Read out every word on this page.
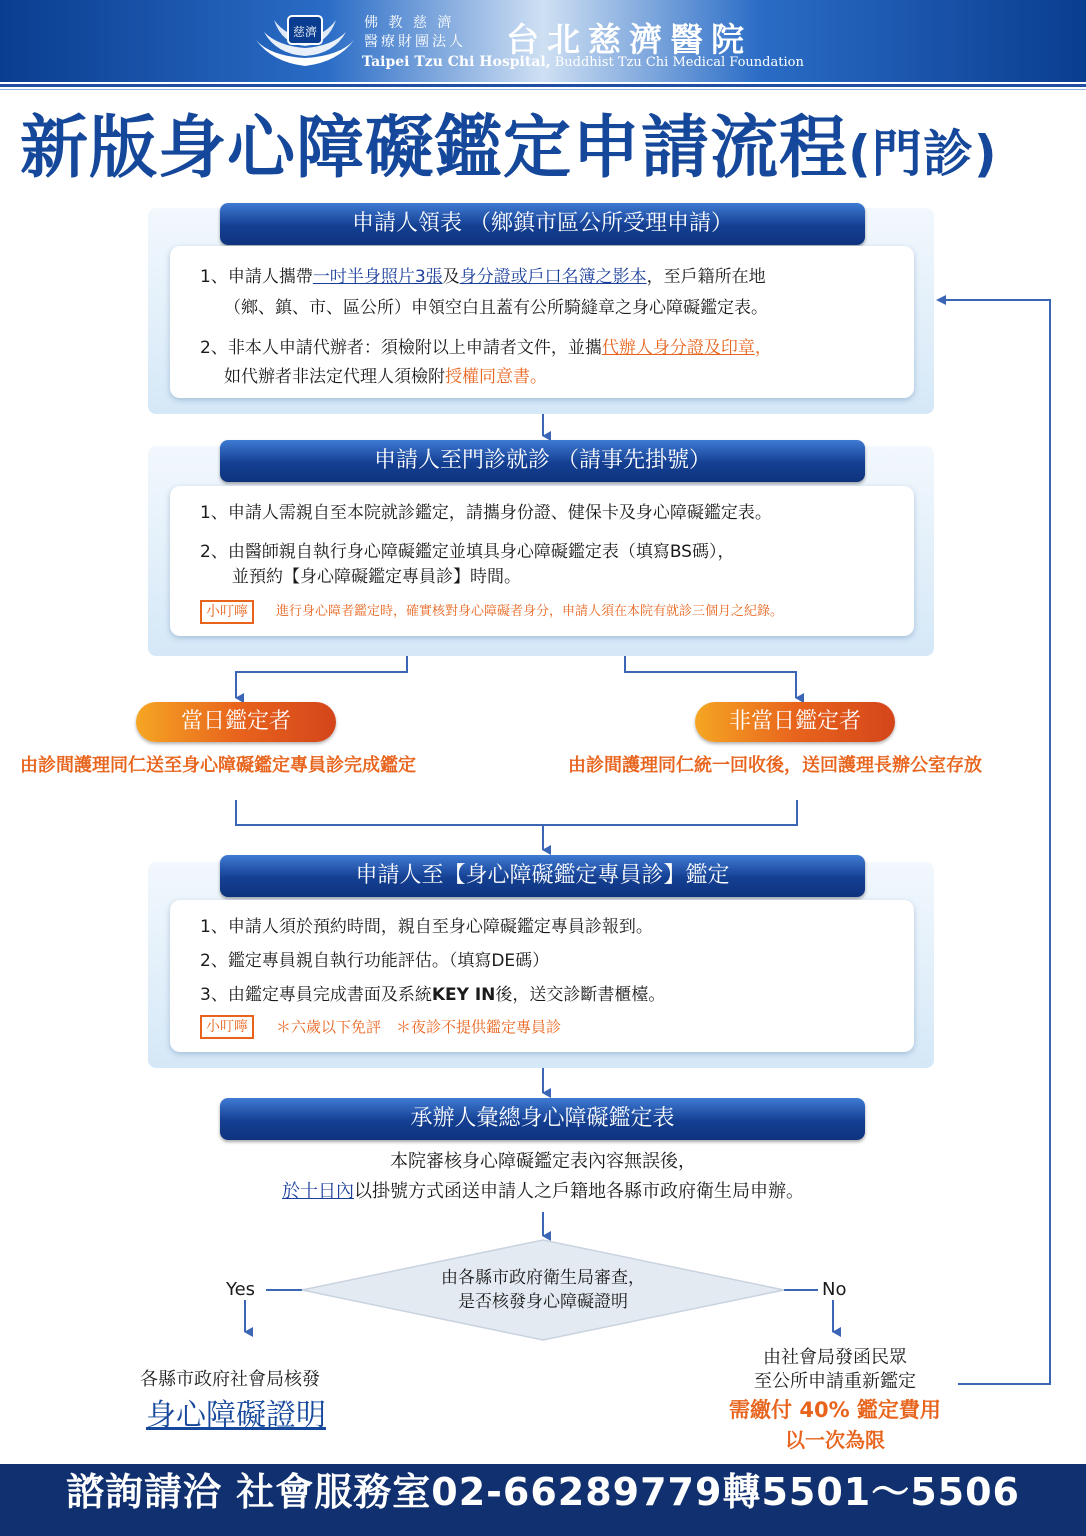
慈濟
佛 教 慈 濟
醫療財團法人	台北慈濟醫院
Taipei Tzu Chi Hospital, Buddhist Tzu Chi Medical Foundation
新版身心障礙鑑定申請流程(門診)
申請人領表 （鄉鎮市區公所受理申請）
1、申請人攜帶一吋半身照片3張及身分證或戶口名簿之影本，至戶籍所在地
（鄉、鎮、市、區公所）申領空白且蓋有公所騎縫章之身心障礙鑑定表。
2、非本人申請代辦者：須檢附以上申請者文件，並攜代辦人身分證及印章，
如代辦者非法定代理人須檢附授權同意書。
申請人至門診就診 （請事先掛號）
1、申請人需親自至本院就診鑑定，請攜身份證、健保卡及身心障礙鑑定表。
2、由醫師親自執行身心障礙鑑定並填具身心障礙鑑定表（填寫BS碼），
並預約【身心障礙鑑定專員診】時間。
小叮嚀	進行身心障者鑑定時，確實核對身心障礙者身分，申請人須在本院有就診三個月之紀錄。
當日鑑定者	非當日鑑定者
由診間護理同仁送至身心障礙鑑定專員診完成鑑定	由診間護理同仁統一回收後，送回護理長辦公室存放
申請人至【身心障礙鑑定專員診】鑑定
1、申請人須於預約時間，親自至身心障礙鑑定專員診報到。
2、鑑定專員親自執行功能評估。（填寫DE碼）
3、由鑑定專員完成書面及系統KEY IN後，送交診斷書櫃檯。
小叮嚀	＊六歲以下免評　＊夜診不提供鑑定專員診
承辦人彙總身心障礙鑑定表
本院審核身心障礙鑑定表內容無誤後，
於十日內以掛號方式函送申請人之戶籍地各縣市政府衛生局申辦。
由各縣市政府衛生局審查，
是否核發身心障礙證明
Yes	No
各縣市政府社會局核發
身心障礙證明
由社會局發函民眾
至公所申請重新鑑定
需繳付 40% 鑑定費用
以一次為限
諮詢請洽 社會服務室02-66289779轉5501～5506
